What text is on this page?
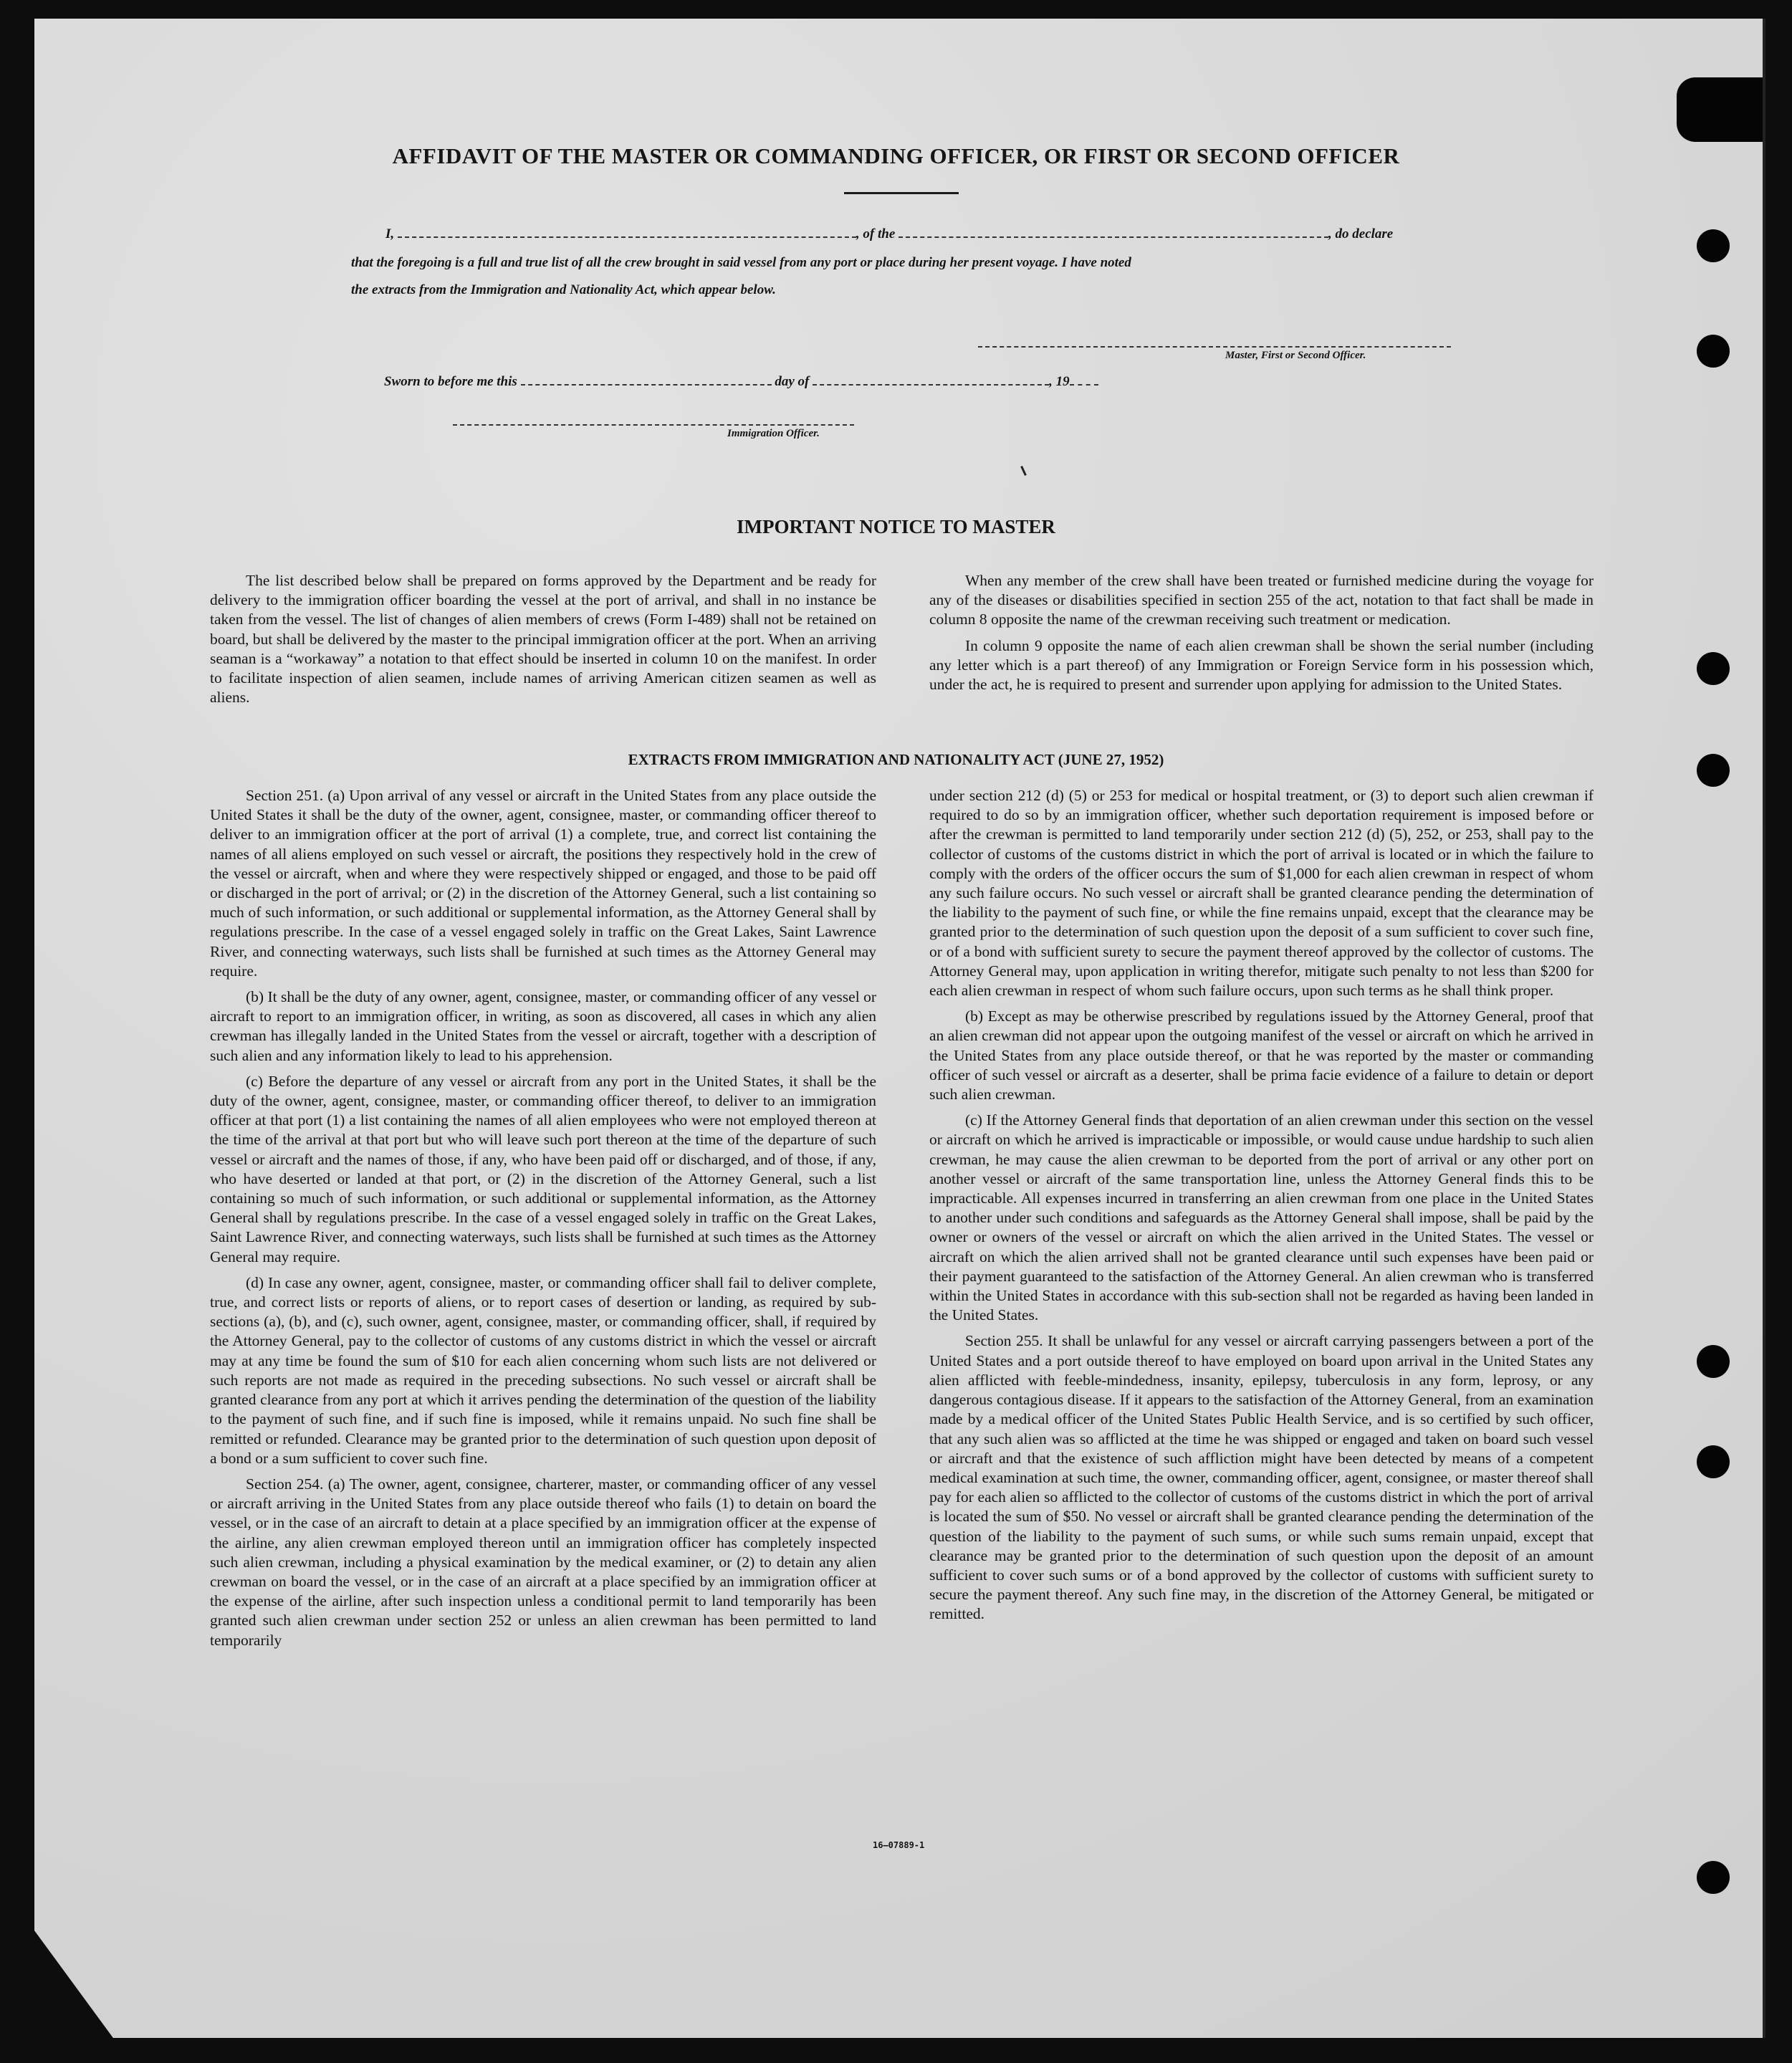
AFFIDAVIT OF THE MASTER OR COMMANDING OFFICER, OR FIRST OR SECOND OFFICER
I,	, of the	, do declare
that the foregoing is a full and true list of all the crew brought in said vessel from any port or place during her present voyage. I have noted
the extracts from the Immigration and Nationality Act, which appear below.
Master, First or Second Officer.
Sworn to before me this	day of	, 19
Immigration Officer.
IMPORTANT NOTICE TO MASTER

The list described below shall be prepared on forms approved by the Department and be ready for delivery to the immigration officer boarding the vessel at the port of arrival, and shall in no instance be taken from the vessel. The list of changes of alien members of crews (Form I-489) shall not be retained on board, but shall be delivered by the master to the principal immigration officer at the port. When an arriving seaman is a “workaway” a notation to that effect should be inserted in column 10 on the manifest. In order to facilitate inspection of alien seamen, include names of arriving American citizen seamen as well as aliens.

When any member of the crew shall have been treated or furnished medicine during the voyage for any of the diseases or disabilities specified in section 255 of the act, notation to that fact shall be made in column 8 opposite the name of the crewman receiving such treatment or medication.

In column 9 opposite the name of each alien crewman shall be shown the serial number (including any letter which is a part thereof) of any Immigration or Foreign Service form in his possession which, under the act, he is required to present and surrender upon applying for admission to the United States.

EXTRACTS FROM IMMIGRATION AND NATIONALITY ACT (JUNE 27, 1952)

Section 251. (a) Upon arrival of any vessel or aircraft in the United States from any place outside the United States it shall be the duty of the owner, agent, consignee, master, or commanding officer thereof to deliver to an immigration officer at the port of arrival (1) a complete, true, and correct list containing the names of all aliens employed on such vessel or aircraft, the positions they respectively hold in the crew of the vessel or aircraft, when and where they were respectively shipped or engaged, and those to be paid off or discharged in the port of arrival; or (2) in the discretion of the Attorney General, such a list containing so much of such information, or such additional or supplemental information, as the Attorney General shall by regulations prescribe. In the case of a vessel engaged solely in traffic on the Great Lakes, Saint Lawrence River, and connecting waterways, such lists shall be furnished at such times as the Attorney General may require.

(b) It shall be the duty of any owner, agent, consignee, master, or commanding officer of any vessel or aircraft to report to an immigration officer, in writing, as soon as discovered, all cases in which any alien crewman has illegally landed in the United States from the vessel or aircraft, together with a description of such alien and any information likely to lead to his apprehension.

(c) Before the departure of any vessel or aircraft from any port in the United States, it shall be the duty of the owner, agent, consignee, master, or commanding officer thereof, to deliver to an immigration officer at that port (1) a list containing the names of all alien employees who were not employed thereon at the time of the arrival at that port but who will leave such port thereon at the time of the departure of such vessel or aircraft and the names of those, if any, who have been paid off or discharged, and of those, if any, who have deserted or landed at that port, or (2) in the discretion of the Attorney General, such a list containing so much of such information, or such additional or supplemental information, as the Attorney General shall by regulations prescribe. In the case of a vessel engaged solely in traffic on the Great Lakes, Saint Lawrence River, and connecting waterways, such lists shall be furnished at such times as the Attorney General may require.

(d) In case any owner, agent, consignee, master, or commanding officer shall fail to deliver complete, true, and correct lists or reports of aliens, or to report cases of desertion or landing, as required by sub-sections (a), (b), and (c), such owner, agent, consignee, master, or commanding officer, shall, if required by the Attorney General, pay to the collector of customs of any customs district in which the vessel or aircraft may at any time be found the sum of $10 for each alien concerning whom such lists are not delivered or such reports are not made as required in the preceding subsections. No such vessel or aircraft shall be granted clearance from any port at which it arrives pending the determination of the question of the liability to the payment of such fine, and if such fine is imposed, while it remains unpaid. No such fine shall be remitted or refunded. Clearance may be granted prior to the determination of such question upon deposit of a bond or a sum sufficient to cover such fine.

Section 254. (a) The owner, agent, consignee, charterer, master, or commanding officer of any vessel or aircraft arriving in the United States from any place outside thereof who fails (1) to detain on board the vessel, or in the case of an aircraft to detain at a place specified by an immigration officer at the expense of the airline, any alien crewman employed thereon until an immigration officer has completely inspected such alien crewman, including a physical examination by the medical examiner, or (2) to detain any alien crewman on board the vessel, or in the case of an aircraft at a place specified by an immigration officer at the expense of the airline, after such inspection unless a conditional permit to land temporarily has been granted such alien crewman under section 252 or unless an alien crewman has been permitted to land temporarily

under section 212 (d) (5) or 253 for medical or hospital treatment, or (3) to deport such alien crewman if required to do so by an immigration officer, whether such deportation requirement is imposed before or after the crewman is permitted to land temporarily under section 212 (d) (5), 252, or 253, shall pay to the collector of customs of the customs district in which the port of arrival is located or in which the failure to comply with the orders of the officer occurs the sum of $1,000 for each alien crewman in respect of whom any such failure occurs. No such vessel or aircraft shall be granted clearance pending the determination of the liability to the payment of such fine, or while the fine remains unpaid, except that the clearance may be granted prior to the determination of such question upon the deposit of a sum sufficient to cover such fine, or of a bond with sufficient surety to secure the payment thereof approved by the collector of customs. The Attorney General may, upon application in writing therefor, mitigate such penalty to not less than $200 for each alien crewman in respect of whom such failure occurs, upon such terms as he shall think proper.

(b) Except as may be otherwise prescribed by regulations issued by the Attorney General, proof that an alien crewman did not appear upon the outgoing manifest of the vessel or aircraft on which he arrived in the United States from any place outside thereof, or that he was reported by the master or commanding officer of such vessel or aircraft as a deserter, shall be prima facie evidence of a failure to detain or deport such alien crewman.

(c) If the Attorney General finds that deportation of an alien crewman under this section on the vessel or aircraft on which he arrived is impracticable or impossible, or would cause undue hardship to such alien crewman, he may cause the alien crewman to be deported from the port of arrival or any other port on another vessel or aircraft of the same transportation line, unless the Attorney General finds this to be impracticable. All expenses incurred in transferring an alien crewman from one place in the United States to another under such conditions and safeguards as the Attorney General shall impose, shall be paid by the owner or owners of the vessel or aircraft on which the alien arrived in the United States. The vessel or aircraft on which the alien arrived shall not be granted clearance until such expenses have been paid or their payment guaranteed to the satisfaction of the Attorney General. An alien crewman who is transferred within the United States in accordance with this sub-section shall not be regarded as having been landed in the United States.

Section 255. It shall be unlawful for any vessel or aircraft carrying passengers between a port of the United States and a port outside thereof to have employed on board upon arrival in the United States any alien afflicted with feeble-mindedness, insanity, epilepsy, tuberculosis in any form, leprosy, or any dangerous contagious disease. If it appears to the satisfaction of the Attorney General, from an examination made by a medical officer of the United States Public Health Service, and is so certified by such officer, that any such alien was so afflicted at the time he was shipped or engaged and taken on board such vessel or aircraft and that the existence of such affliction might have been detected by means of a competent medical examination at such time, the owner, commanding officer, agent, consignee, or master thereof shall pay for each alien so afflicted to the collector of customs of the customs district in which the port of arrival is located the sum of $50. No vessel or aircraft shall be granted clearance pending the determination of the question of the liability to the payment of such sums, or while such sums remain unpaid, except that clearance may be granted prior to the determination of such question upon the deposit of an amount sufficient to cover such sums or of a bond approved by the collector of customs with sufficient surety to secure the payment thereof. Any such fine may, in the discretion of the Attorney General, be mitigated or remitted.

16—07889-1
